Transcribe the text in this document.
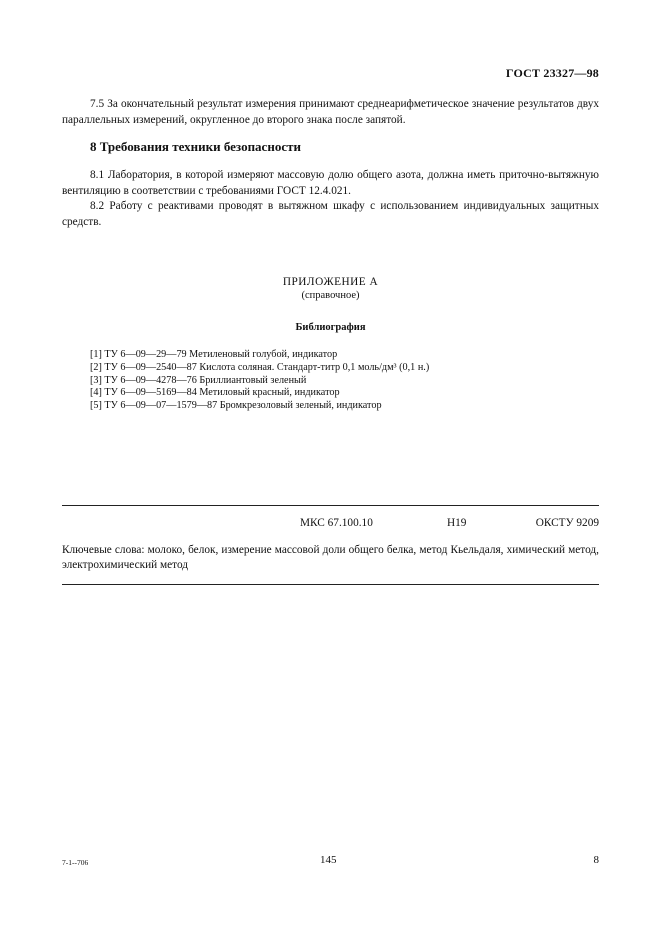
ГОСТ 23327—98

7.5 За окончательный результат измерения принимают среднеарифметическое значение результатов двух параллельных измерений, округленное до второго знака после запятой.

8 Требования техники безопасности

8.1 Лаборатория, в которой измеряют массовую долю общего азота, должна иметь приточно-вытяжную вентиляцию в соответствии с требованиями ГОСТ 12.4.021.

8.2 Работу с реактивами проводят в вытяжном шкафу с использованием индивидуальных защитных средств.

ПРИЛОЖЕНИЕ А
(справочное)
Библиография
[1] ТУ 6—09—29—79 Метиленовый голубой, индикатор
[2] ТУ 6—09—2540—87 Кислота соляная. Стандарт-титр 0,1 моль/дм³ (0,1 н.)
[3] ТУ 6—09—4278—76 Бриллиантовый зеленый
[4] ТУ 6—09—5169—84 Метиловый красный, индикатор
[5] ТУ 6—09—07—1579—87 Бромкрезоловый зеленый, индикатор
МКС 67.100.10	Н19	ОКСТУ 9209
Ключевые слова: молоко, белок, измерение массовой доли общего белка, метод Кьельдаля, химический метод, электрохимический метод
7-1--706	145	8
